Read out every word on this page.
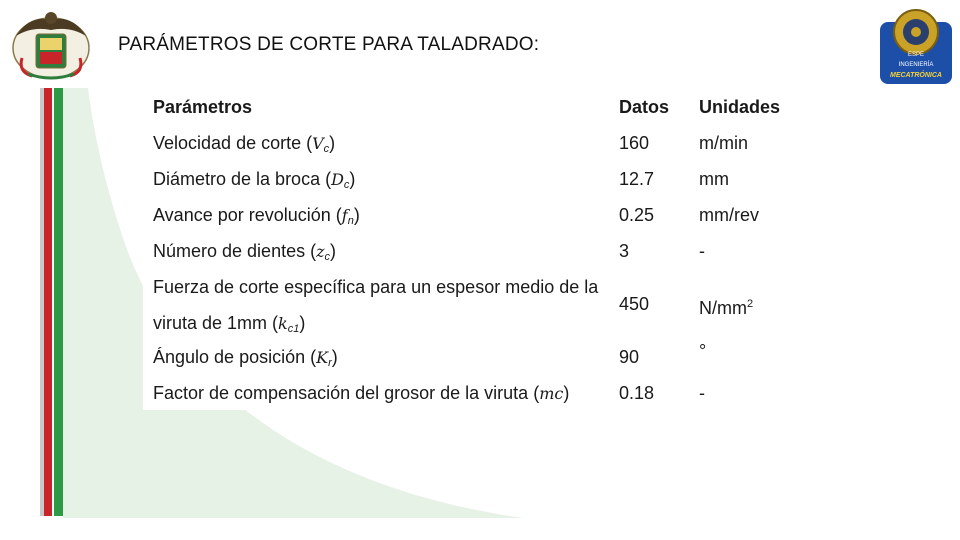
ESPE
INGENIERÍA
MECATRÓNICA
PARÁMETROS DE CORTE PARA TALADRADO:
Parámetros	Datos Unidades
Velocidad de corte $(V_c)$	160	m/min
Diámetro de la broca $(D_c)$	12.7 mm
Avance por revolución $(f_n)$	0.25 mm/rev
Número de dientes $(z_c)$	3	-
Fuerza de corte específica para un espesor medio de la
viruta de 1mm $(k_{c1})$
450	$N/mm^2$
Ángulo de posición $(K_r)$	90	°
Factor de compensación del grosor de la viruta (mc)	0.18 -
